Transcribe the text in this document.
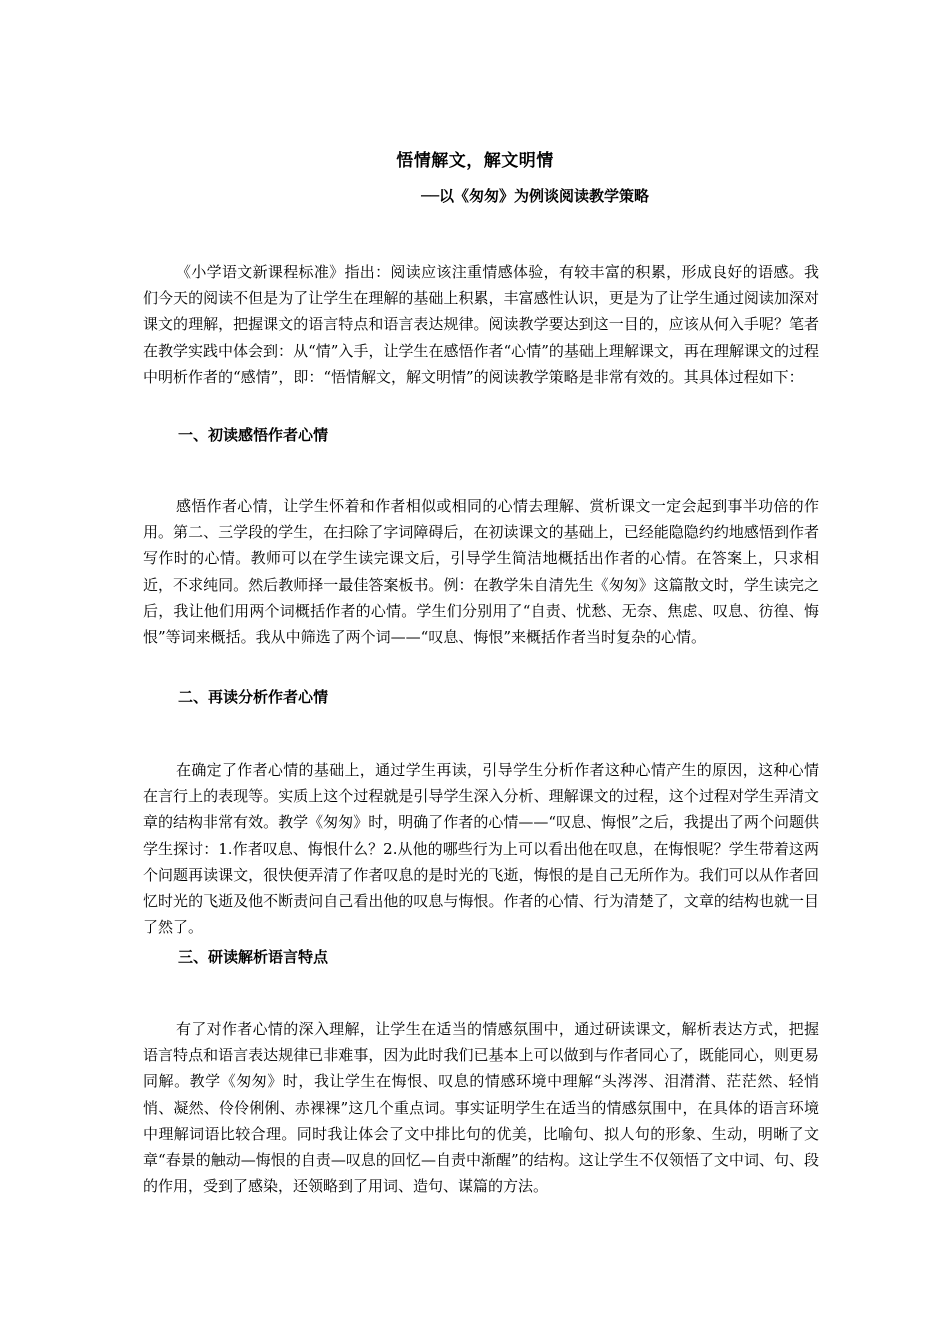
悟情解文，解文明情
──以《匆匆》为例谈阅读教学策略

《小学语文新课程标准》指出：阅读应该注重情感体验，有较丰富的积累，形成良好的语感。我们今天的阅读不但是为了让学生在理解的基础上积累，丰富感性认识，更是为了让学生通过阅读加深对课文的理解，把握课文的语言特点和语言表达规律。阅读教学要达到这一目的，应该从何入手呢？笔者在教学实践中体会到：从“情”入手，让学生在感悟作者“心情”的基础上理解课文，再在理解课文的过程中明析作者的“感情”，即：“悟情解文，解文明情”的阅读教学策略是非常有效的。其具体过程如下：

一、初读感悟作者心情

感悟作者心情，让学生怀着和作者相似或相同的心情去理解、赏析课文一定会起到事半功倍的作用。第二、三学段的学生，在扫除了字词障碍后，在初读课文的基础上，已经能隐隐约约地感悟到作者写作时的心情。教师可以在学生读完课文后，引导学生简洁地概括出作者的心情。在答案上，只求相近，不求纯同。然后教师择一最佳答案板书。例：在教学朱自清先生《匆匆》这篇散文时，学生读完之后，我让他们用两个词概括作者的心情。学生们分别用了“自责、忧愁、无奈、焦虑、叹息、彷徨、悔恨”等词来概括。我从中筛选了两个词——“叹息、悔恨”来概括作者当时复杂的心情。

二、再读分析作者心情

在确定了作者心情的基础上，通过学生再读，引导学生分析作者这种心情产生的原因，这种心情在言行上的表现等。实质上这个过程就是引导学生深入分析、理解课文的过程，这个过程对学生弄清文章的结构非常有效。教学《匆匆》时，明确了作者的心情——“叹息、悔恨”之后，我提出了两个问题供学生探讨：1.作者叹息、悔恨什么？2.从他的哪些行为上可以看出他在叹息，在悔恨呢？学生带着这两个问题再读课文，很快便弄清了作者叹息的是时光的飞逝，悔恨的是自己无所作为。我们可以从作者回忆时光的飞逝及他不断责问自己看出他的叹息与悔恨。作者的心情、行为清楚了，文章的结构也就一目了然了。

三、研读解析语言特点

有了对作者心情的深入理解，让学生在适当的情感氛围中，通过研读课文，解析表达方式，把握语言特点和语言表达规律已非难事，因为此时我们已基本上可以做到与作者同心了，既能同心，则更易同解。教学《匆匆》时，我让学生在悔恨、叹息的情感环境中理解“头涔涔、泪潸潸、茫茫然、轻悄悄、凝然、伶伶俐俐、赤裸裸”这几个重点词。事实证明学生在适当的情感氛围中，在具体的语言环境中理解词语比较合理。同时我让体会了文中排比句的优美，比喻句、拟人句的形象、生动，明晰了文章“春景的触动—悔恨的自责—叹息的回忆—自责中渐醒”的结构。这让学生不仅领悟了文中词、句、段的作用，受到了感染，还领略到了用词、造句、谋篇的方法。
